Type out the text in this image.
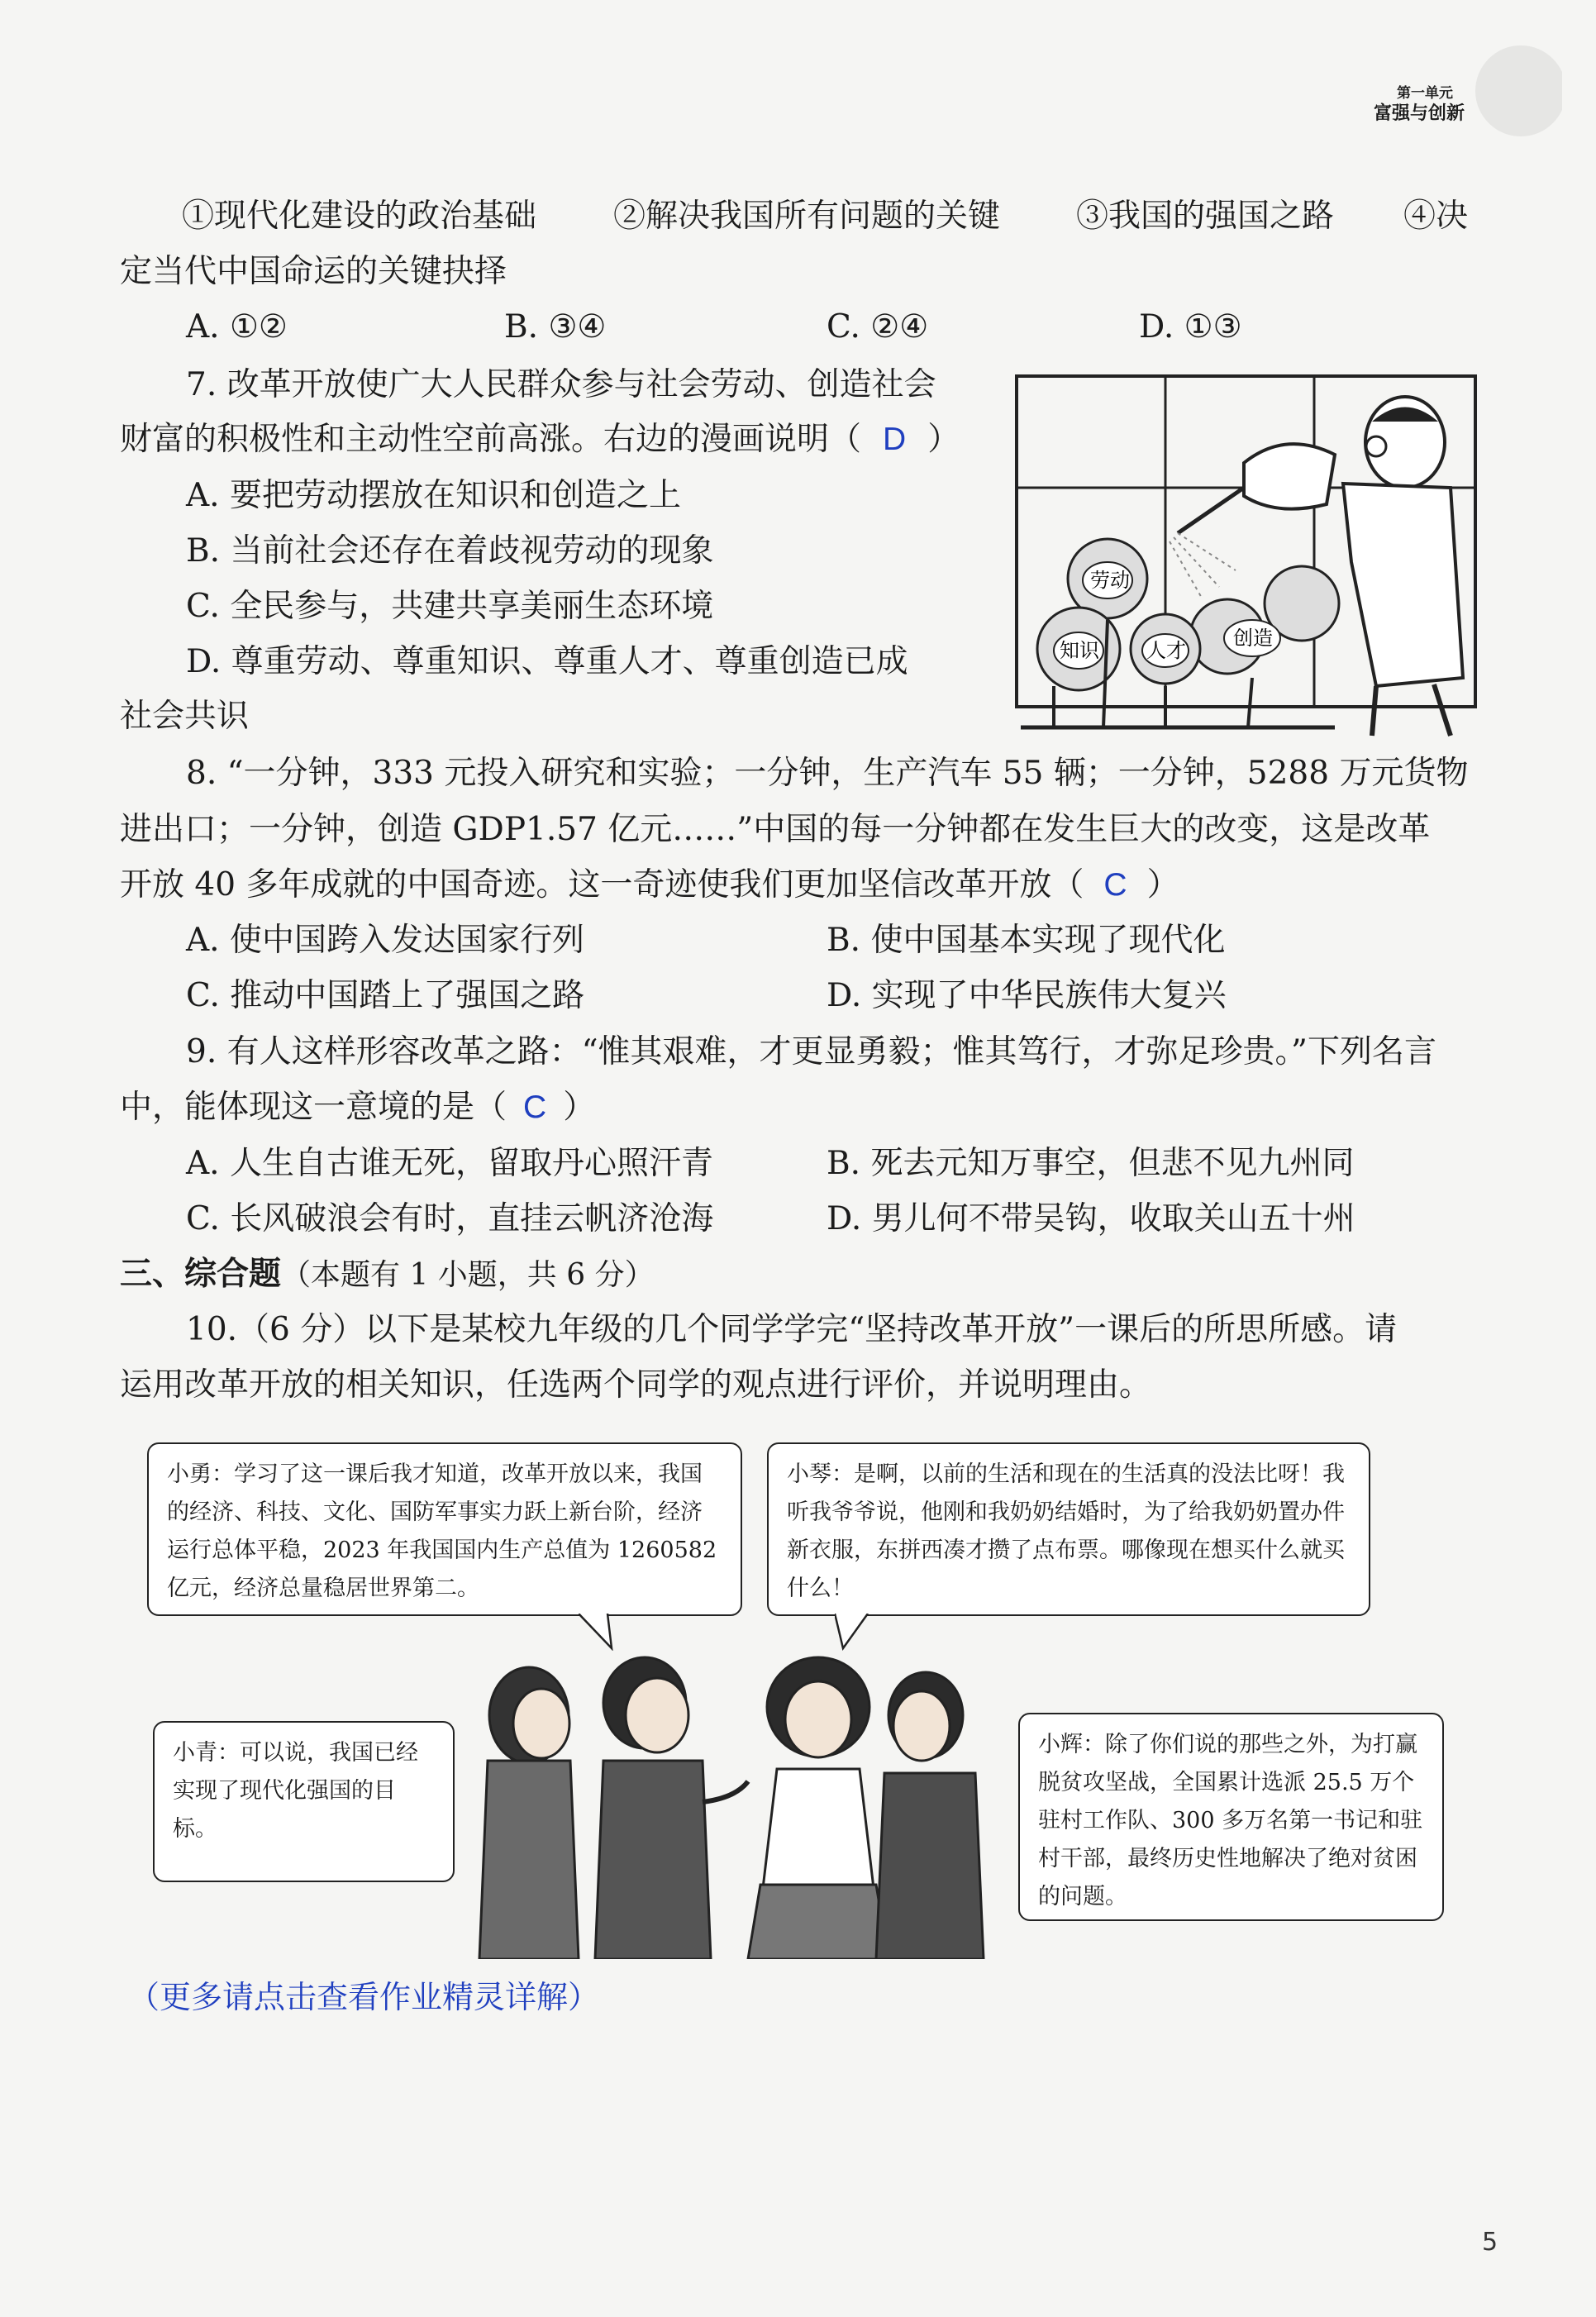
第一单元
富强与创新
①现代化建设的政治基础 ②解决我国所有问题的关键 ③我国的强国之路 ④决
定当代中国命运的关键抉择
A. ①②	B. ③④	C. ②④	D. ①③
7. 改革开放使广大人民群众参与社会劳动、创造社会
财富的积极性和主动性空前高涨。右边的漫画说明（ D ）
A. 要把劳动摆放在知识和创造之上
B. 当前社会还存在着歧视劳动的现象
C. 全民参与，共建共享美丽生态环境
D. 尊重劳动、尊重知识、尊重人才、尊重创造已成
社会共识
劳动
知识 人才
创造
8. “一分钟，333 元投入研究和实验；一分钟，生产汽车 55 辆；一分钟，5288 万元货物
进出口；一分钟，创造 GDP1.57 亿元……”中国的每一分钟都在发生巨大的改变，这是改革
开放 40 多年成就的中国奇迹。这一奇迹使我们更加坚信改革开放（ C ）
A. 使中国跨入发达国家行列	B. 使中国基本实现了现代化
C. 推动中国踏上了强国之路	D. 实现了中华民族伟大复兴
9. 有人这样形容改革之路：“惟其艰难，才更显勇毅；惟其笃行，才弥足珍贵。”下列名言
中，能体现这一意境的是（ C ）
A. 人生自古谁无死，留取丹心照汗青	B. 死去元知万事空，但悲不见九州同
C. 长风破浪会有时，直挂云帆济沧海	D. 男儿何不带吴钩，收取关山五十州
三、综合题（本题有 1 小题，共 6 分）
10.（6 分）以下是某校九年级的几个同学学完“坚持改革开放”一课后的所思所感。请
运用改革开放的相关知识，任选两个同学的观点进行评价，并说明理由。
小勇：学习了这一课后我才知道，改革开放以来，我国的经济、科技、文化、国防军事实力跃上新台阶，经济运行总体平稳，2023 年我国国内生产总值为 1260582 亿元，经济总量稳居世界第二。
小琴：是啊，以前的生活和现在的生活真的没法比呀！我听我爷爷说，他刚和我奶奶结婚时，为了给我奶奶置办件新衣服，东拼西凑才攒了点布票。哪像现在想买什么就买什么！
小青：可以说，我国已经实现了现代化强国的目标。
小辉：除了你们说的那些之外，为打赢脱贫攻坚战，全国累计选派 25.5 万个驻村工作队、300 多万名第一书记和驻村干部，最终历史性地解决了绝对贫困的问题。
（更多请点击查看作业精灵详解）
5
